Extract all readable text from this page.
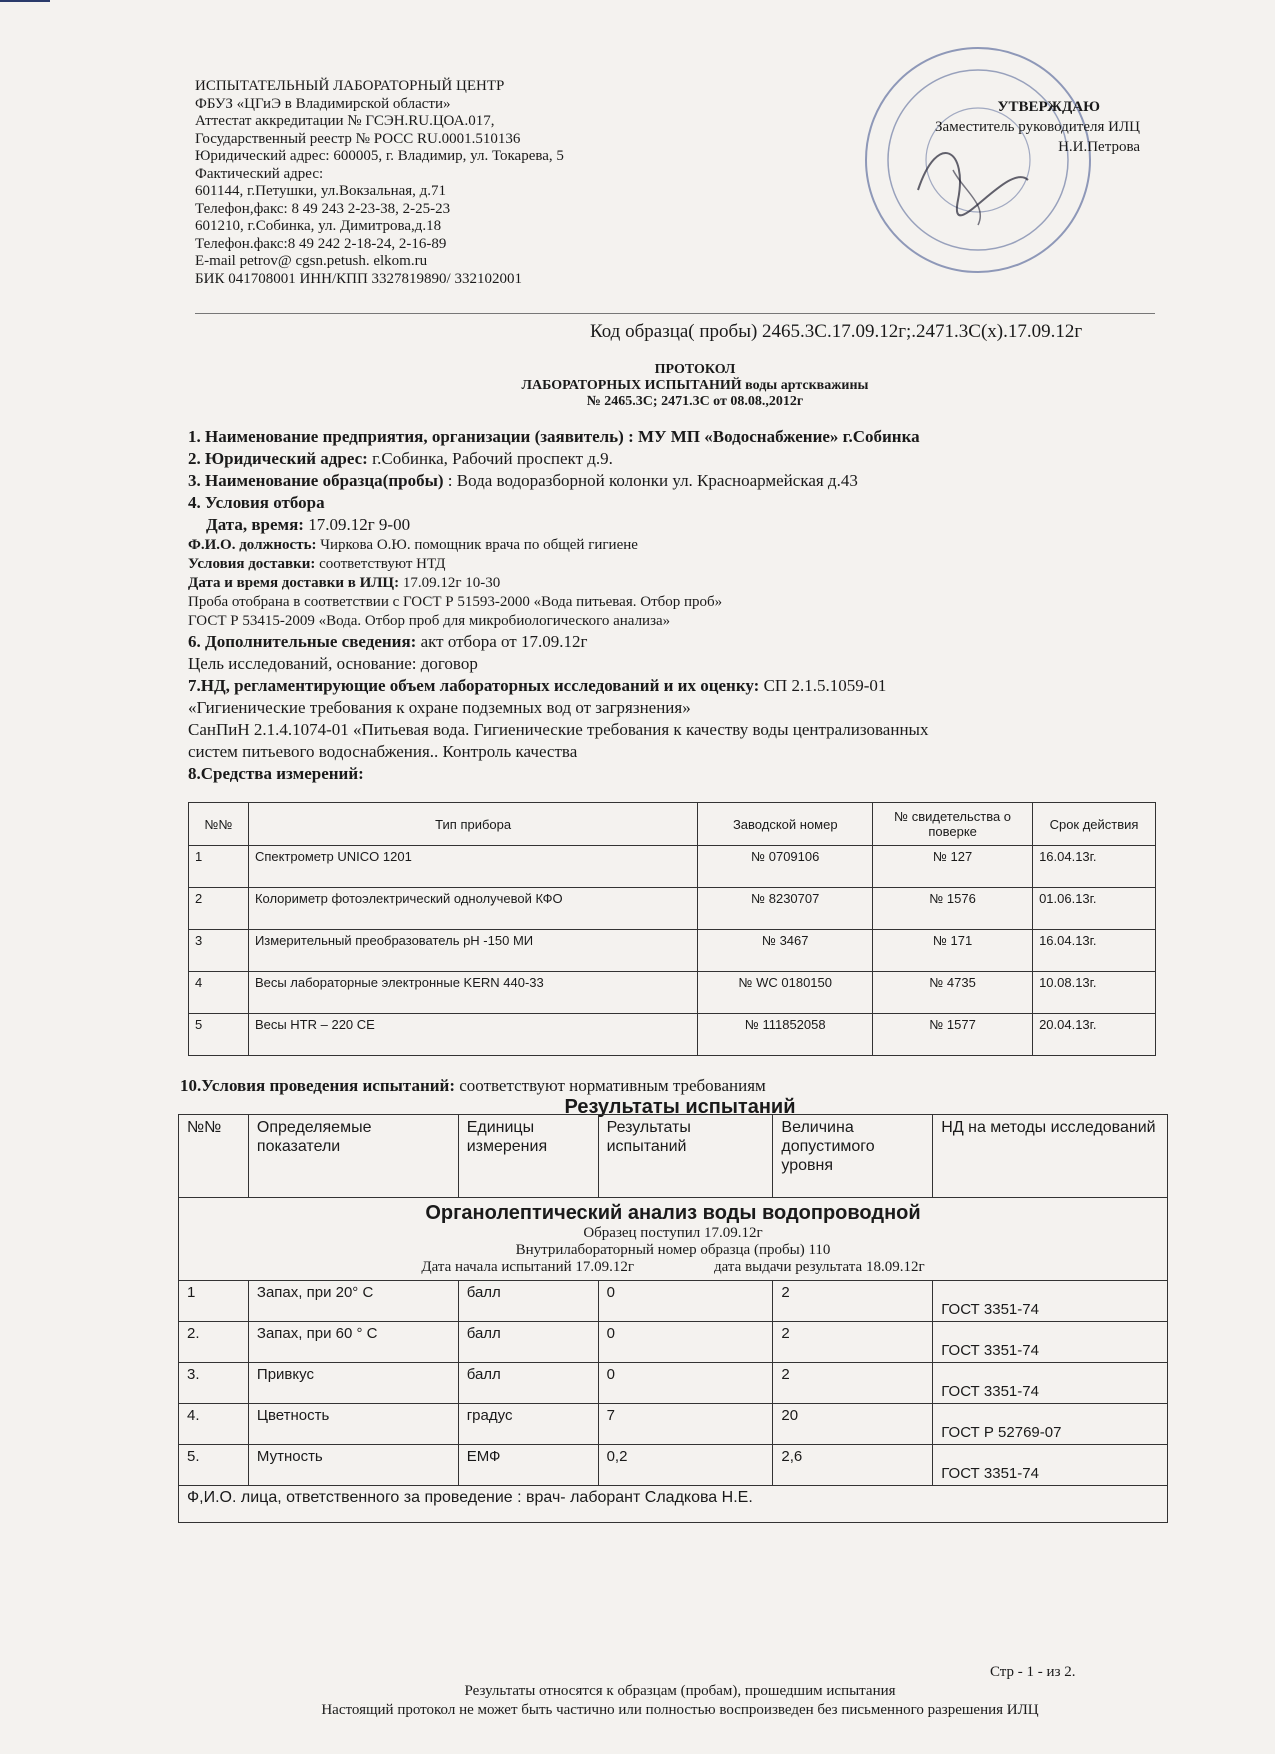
ИСПЫТАТЕЛЬНЫЙ ЛАБОРАТОРНЫЙ ЦЕНТР
ФБУЗ «ЦГиЭ в Владимирской области»
Аттестат аккредитации № ГСЭН.RU.ЦОА.017,
Государственный реестр № РОСС RU.0001.510136
Юридический адрес: 600005, г. Владимир, ул. Токарева, 5
Фактический адрес:
601144, г.Петушки, ул.Вокзальная, д.71
Телефон,факс: 8 49 243 2-23-38, 2-25-23
601210, г.Собинка, ул. Димитрова,д.18
Телефон.факс:8 49 242 2-18-24, 2-16-89
E-mail petrov@ cgsn.petush. elkom.ru
БИК 041708001 ИНН/КПП 3327819890/ 332102001
УТВЕРЖДАЮ
Заместитель руководителя ИЛЦ
Н.И.Петрова
Код образца( пробы) 2465.3С.17.09.12г;.2471.3С(х).17.09.12г
ПРОТОКОЛ
ЛАБОРАТОРНЫХ ИСПЫТАНИЙ воды артскважины
№ 2465.3С; 2471.3С от 08.08.,2012г
1. Наименование предприятия, организации (заявитель) : МУ МП «Водоснабжение» г.Собинка
2. Юридический адрес: г.Собинка, Рабочий проспект д.9.
3. Наименование образца(пробы) : Вода водоразборной колонки ул. Красноармейская д.43
4. Условия отбора
Дата, время: 17.09.12г 9-00
Ф.И.О. должность: Чиркова О.Ю. помощник врача по общей гигиене
Условия доставки: соответствуют НТД
Дата и время доставки в ИЛЦ: 17.09.12г 10-30
Проба отобрана в соответствии с ГОСТ Р 51593-2000 «Вода питьевая. Отбор проб»
ГОСТ Р 53415-2009 «Вода. Отбор проб для микробиологического анализа»
6. Дополнительные сведения: акт отбора от 17.09.12г
Цель исследований, основание: договор
7.НД, регламентирующие объем лабораторных исследований и их оценку: СП 2.1.5.1059-01
«Гигиенические требования к охране подземных вод от загрязнения»
СанПиН 2.1.4.1074-01 «Питьевая вода. Гигиенические требования к качеству воды централизованных
систем питьевого водоснабжения.. Контроль качества
8.Средства измерений:
№№	Тип прибора	Заводской номер	№ свидетельства о поверке	Срок действия
1	Спектрометр UNICO 1201	№ 0709106	№ 127	16.04.13г.
2	Колориметр фотоэлектрический однолучевой КФО	№ 8230707	№ 1576	01.06.13г.
3	Измерительный преобразователь рН -150 МИ	№ 3467	№ 171	16.04.13г.
4	Весы лабораторные электронные KERN 440-33	№ WC 0180150	№ 4735	10.08.13г.
5	Весы HTR – 220 CE	№ 111852058	№ 1577	20.04.13г.
10.Условия проведения испытаний: соответствуют нормативным требованиям
Результаты испытаний
№№	Определяемые показатели	Единицы измерения	Результаты испытаний	Величина допустимого уровня	НД на методы исследований

Органолептический анализ воды водопроводной
Образец поступил 17.09.12г
Внутрилабораторный номер образца (пробы) 110
Дата начала испытаний 17.09.12г дата выдачи результата 18.09.12г					

1	Запах, при 20° С	балл	0	2	ГОСТ 3351-74
2.	Запах, при 60 ° С	балл	0	2	ГОСТ 3351-74
3.	Привкус	балл	0	2	ГОСТ 3351-74
4.	Цветность	градус	7	20	ГОСТ Р 52769-07
5.	Мутность	ЕМФ	0,2	2,6	ГОСТ 3351-74
Ф,И.О. лица, ответственного за проведение : врач- лаборант Сладкова Н.Е.					
Стр - 1 - из 2.
Результаты относятся к образцам (пробам), прошедшим испытания
Настоящий протокол не может быть частично или полностью воспроизведен без письменного разрешения ИЛЦ
